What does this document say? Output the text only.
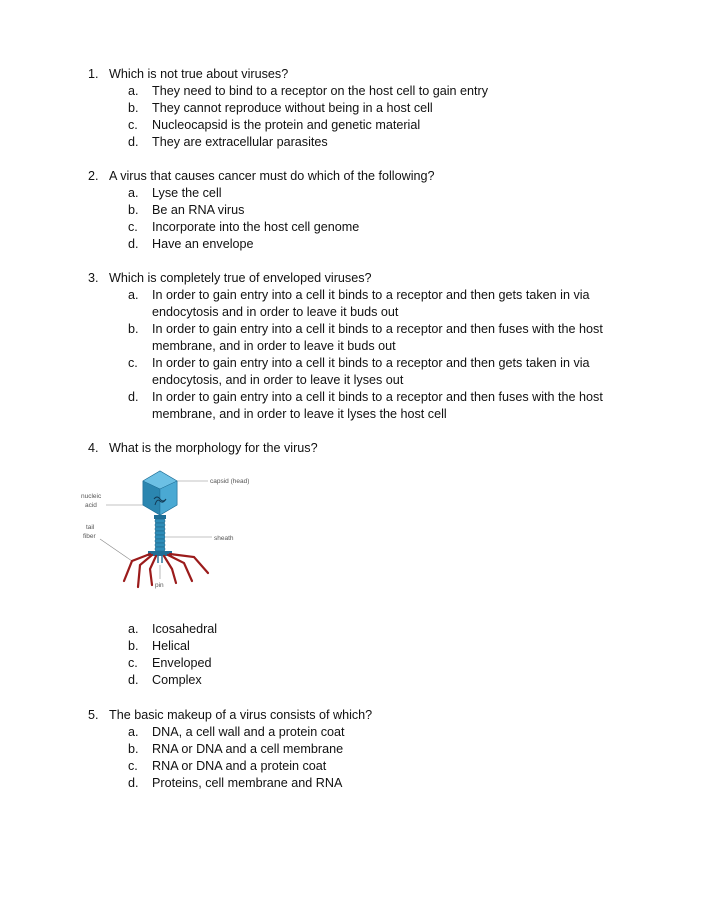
1. Which is not true about viruses?
a.	They need to bind to a receptor on the host cell to gain entry
b.	They cannot reproduce without being in a host cell
c.	Nucleocapsid is the protein and genetic material
d.	They are extracellular parasites
2. A virus that causes cancer must do which of the following?
a.	Lyse the cell
b.	Be an RNA virus
c.	Incorporate into the host cell genome
d.	Have an envelope
3. Which is completely true of enveloped viruses?
a.	In order to gain entry into a cell it binds to a receptor and then gets taken in via endocytosis and in order to leave it buds out
b.	In order to gain entry into a cell it binds to a receptor and then fuses with the host membrane, and in order to leave it buds out
c.	In order to gain entry into a cell it binds to a receptor and then gets taken in via endocytosis, and in order to leave it lyses out
d.	In order to gain entry into a cell it binds to a receptor and then fuses with the host membrane, and in order to leave it lyses the host cell
4. What is the morphology for the virus?
capsid (head)
nucleic
acid
tail
fiber	sheath
pin
a.	Icosahedral
b.	Helical
c.	Enveloped
d.	Complex
5. The basic makeup of a virus consists of which?
a.	DNA, a cell wall and a protein coat
b.	RNA or DNA and a cell membrane
c.	RNA or DNA and a protein coat
d.	Proteins, cell membrane and RNA
